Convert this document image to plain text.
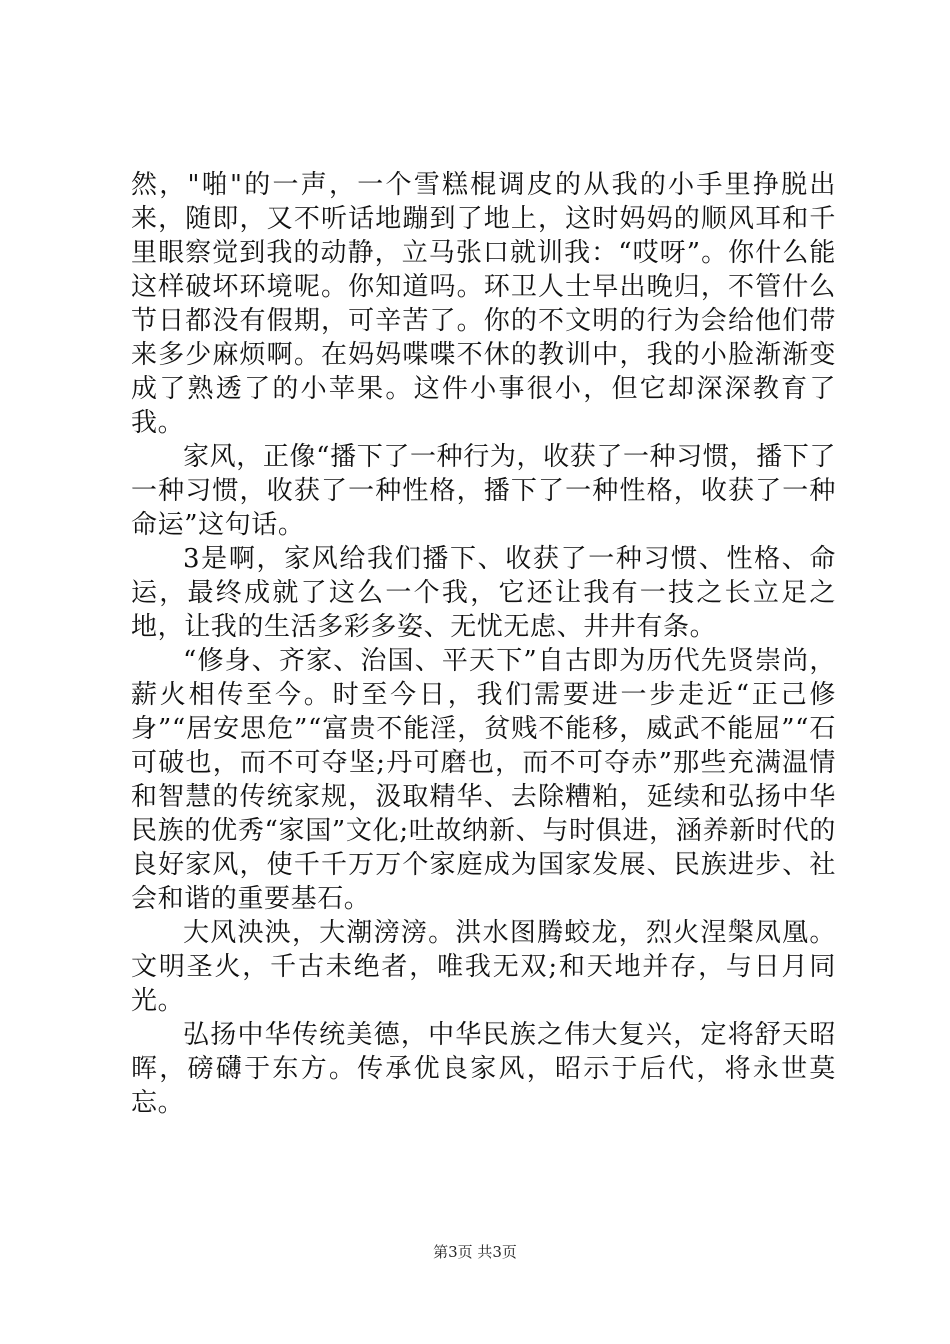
然，"啪"的一声，一个雪糕棍调皮的从我的小手里挣脱出来，随即，又不听话地蹦到了地上，这时妈妈的顺风耳和千里眼察觉到我的动静，立马张口就训我：“哎呀”。你什么能这样破坏环境呢。你知道吗。环卫人士早出晚归，不管什么节日都没有假期，可辛苦了。你的不文明的行为会给他们带来多少麻烦啊。在妈妈喋喋不休的教训中，我的小脸渐渐变成了熟透了的小苹果。这件小事很小，但它却深深教育了我。

家风，正像“播下了一种行为，收获了一种习惯，播下了一种习惯，收获了一种性格，播下了一种性格，收获了一种命运”这句话。

3是啊，家风给我们播下、收获了一种习惯、性格、命运，最终成就了这么一个我，它还让我有一技之长立足之地，让我的生活多彩多姿、无忧无虑、井井有条。

“修身、齐家、治国、平天下”自古即为历代先贤崇尚，薪火相传至今。时至今日，我们需要进一步走近“正己修身”“居安思危”“富贵不能淫，贫贱不能移，威武不能屈”“石可破也，而不可夺坚;丹可磨也，而不可夺赤”那些充满温情和智慧的传统家规，汲取精华、去除糟粕，延续和弘扬中华民族的优秀“家国”文化;吐故纳新、与时俱进，涵养新时代的良好家风，使千千万万个家庭成为国家发展、民族进步、社会和谐的重要基石。

大风泱泱，大潮滂滂。洪水图腾蛟龙，烈火涅槃凤凰。文明圣火，千古未绝者，唯我无双;和天地并存，与日月同光。

弘扬中华传统美德，中华民族之伟大复兴，定将舒天昭晖，磅礴于东方。传承优良家风，昭示于后代，将永世莫忘。

第3页 共3页
